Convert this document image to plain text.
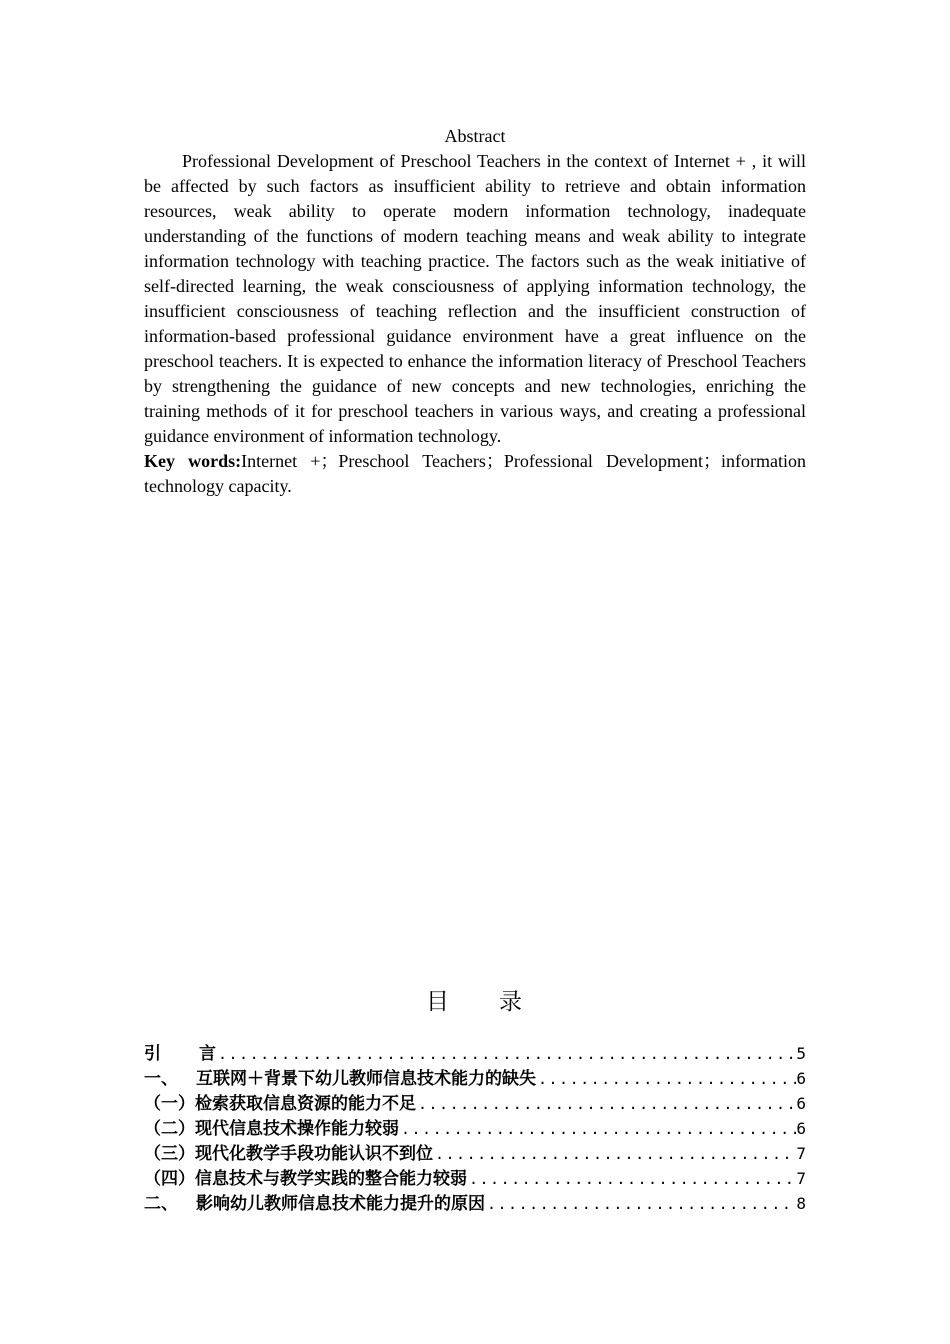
Abstract

Professional Development of Preschool Teachers in the context of Internet + , it will be affected by such factors as insufficient ability to retrieve and obtain information resources, weak ability to operate modern information technology, inadequate understanding of the functions of modern teaching means and weak ability to integrate information technology with teaching practice. The factors such as the weak initiative of self-directed learning, the weak consciousness of applying information technology, the insufficient consciousness of teaching reflection and the insufficient construction of information-based professional guidance environment have a great influence on the preschool teachers. It is expected to enhance the information literacy of Preschool Teachers by strengthening the guidance of new concepts and new technologies, enriching the training methods of it for preschool teachers in various ways, and creating a professional guidance environment of information technology.

Key words:Internet +；Preschool Teachers；Professional Development；information technology capacity.

目 录
引 言 .....	5
一、 互联网＋背景下幼儿教师信息技术能力的缺失 .....	6
（一）检索获取信息资源的能力不足 .....	6
（二）现代信息技术操作能力较弱 .....	6
（三）现代化教学手段功能认识不到位 .....	7
（四）信息技术与教学实践的整合能力较弱 .....	7
二、 影响幼儿教师信息技术能力提升的原因 .....	8
